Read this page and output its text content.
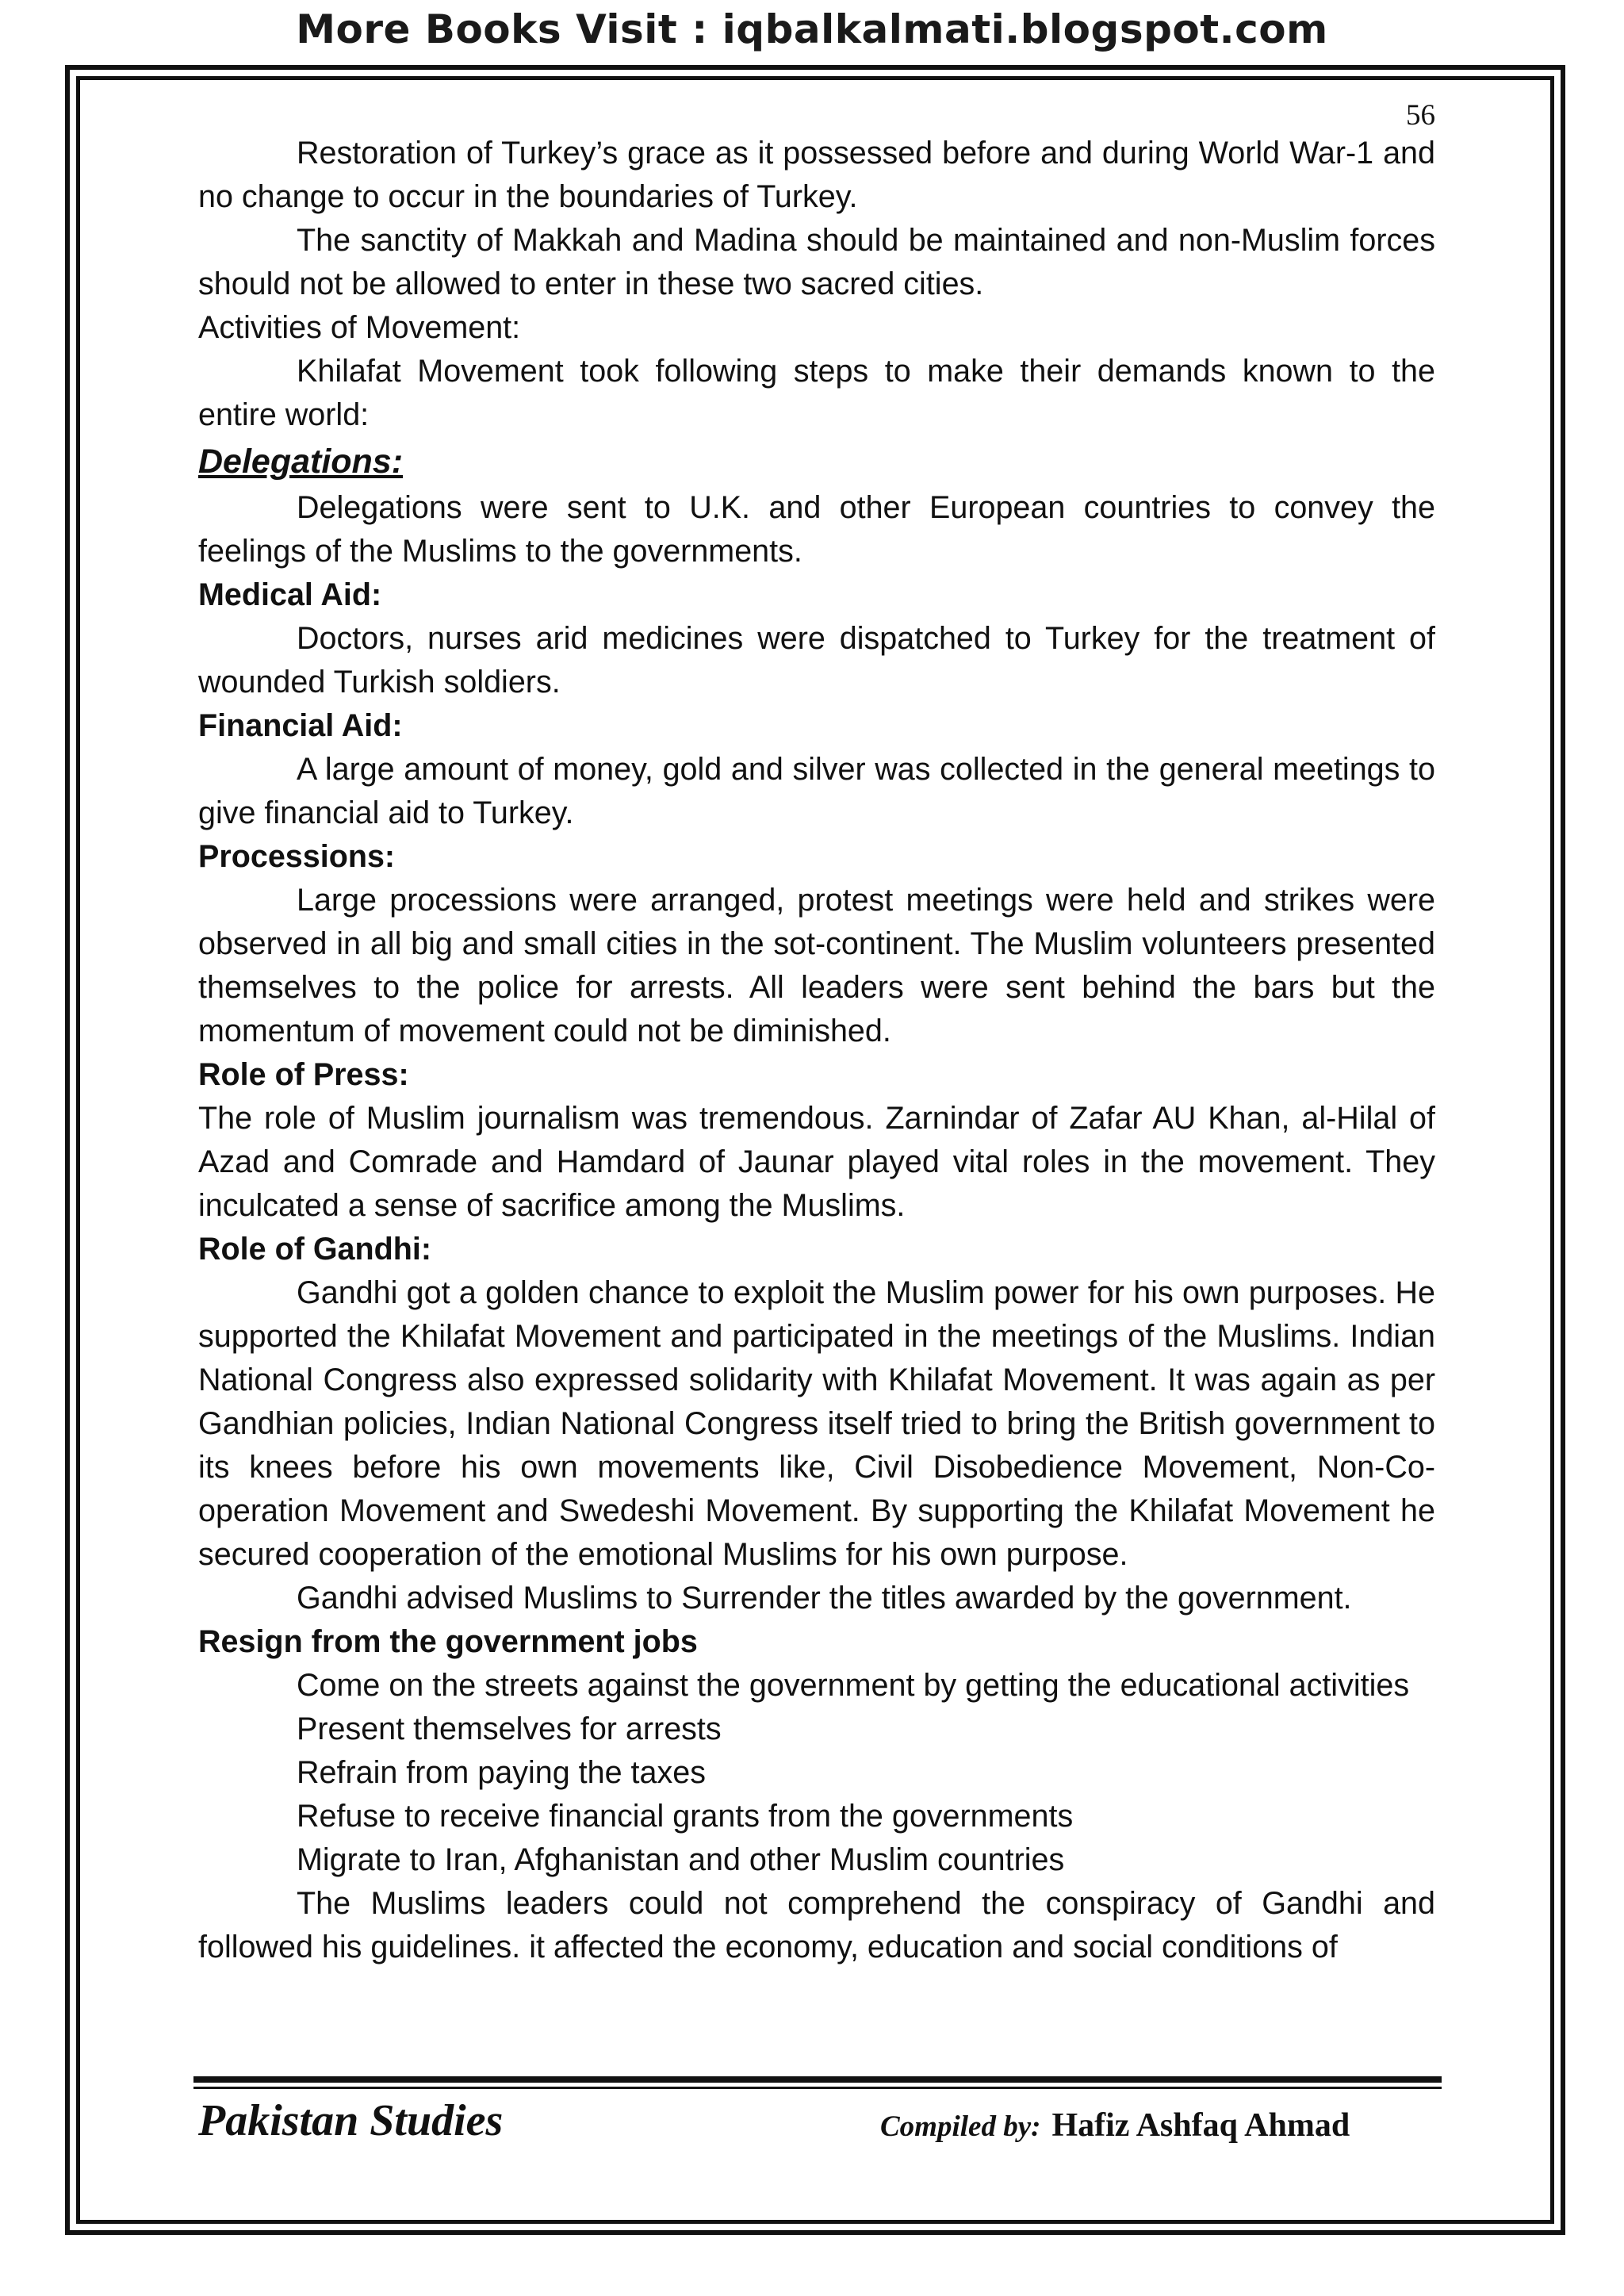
More Books Visit : iqbalkalmati.blogspot.com
56

Restoration of Turkey’s grace as it possessed before and during World War-1 and no change to occur in the boundaries of Turkey.

The sanctity of Makkah and Madina should be maintained and non-Muslim forces should not be allowed to enter in these two sacred cities.

Activities of Movement:

Khilafat Movement took following steps to make their demands known to the entire world:

Delegations:

Delegations were sent to U.K. and other European countries to convey the feelings of the Muslims to the governments.

Medical Aid:

Doctors, nurses arid medicines were dispatched to Turkey for the treatment of wounded Turkish soldiers.

Financial Aid:

A large amount of money, gold and silver was collected in the general meetings to give financial aid to Turkey.

Processions:

Large processions were arranged, protest meetings were held and strikes were observed in all big and small cities in the sot-continent. The Muslim volunteers presented themselves to the police for arrests. All leaders were sent behind the bars but the momentum of movement could not be diminished.

Role of Press:

The role of Muslim journalism was tremendous. Zarnindar of Zafar AU Khan, al-Hilal of Azad and Comrade and Hamdard of Jaunar played vital roles in the movement. They inculcated a sense of sacrifice among the Muslims.

Role of Gandhi:

Gandhi got a golden chance to exploit the Muslim power for his own purposes. He supported the Khilafat Movement and participated in the meetings of the Muslims. Indian National Congress also expressed solidarity with Khilafat Movement. It was again as per Gandhian policies, Indian National Congress itself tried to bring the British government to its knees before his own movements like, Civil Disobedience Movement, Non-Co-operation Movement and Swedeshi Movement. By supporting the Khilafat Movement he secured cooperation of the emotional Muslims for his own purpose.

Gandhi advised Muslims to Surrender the titles awarded by the government.

Resign from the government jobs

Come on the streets against the government by getting the educational activities

Present themselves for arrests

Refrain from paying the taxes

Refuse to receive financial grants from the governments

Migrate to Iran, Afghanistan and other Muslim countries

The Muslims leaders could not comprehend the conspiracy of Gandhi and followed his guidelines. it affected the economy, education and social conditions of

Pakistan Studies	Compiled by: Hafiz Ashfaq Ahmad
